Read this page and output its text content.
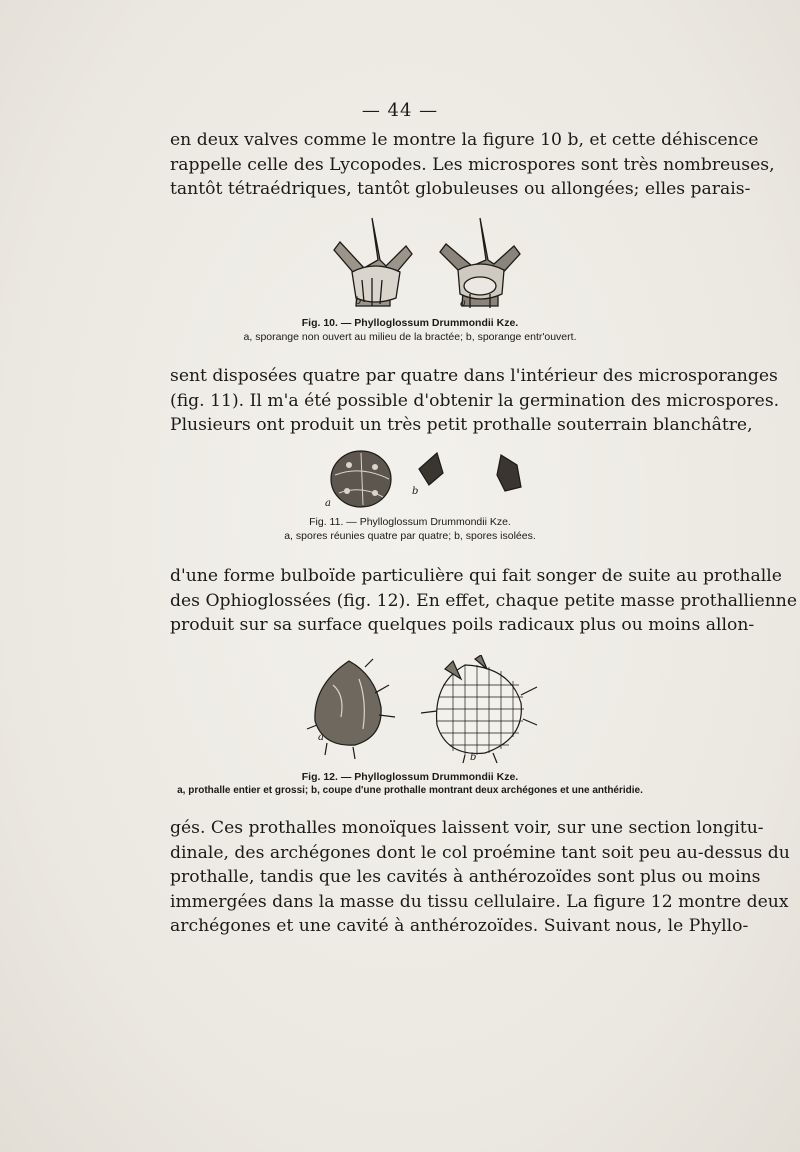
— 44 —

en deux valves comme le montre la figure 10 b, et cette déhiscence
rappelle celle des Lycopodes. Les microspores sont très nombreuses,
tantôt tétraédriques, tantôt globuleuses ou allongées; elles parais-

b	a
Fig. 10. — Phylloglossum Drummondii Kze.
a, sporange non ouvert au milieu de la bractée; b, sporange entr'ouvert.

sent disposées quatre par quatre dans l'intérieur des microsporanges
(fig. 11). Il m'a été possible d'obtenir la germination des microspores.
Plusieurs ont produit un très petit prothalle souterrain blanchâtre,

a
b
Fig. 11. — Phylloglossum Drummondii Kze.
a, spores réunies quatre par quatre; b, spores isolées.

d'une forme bulboïde particulière qui fait songer de suite au prothalle
des Ophioglossées (fig. 12). En effet, chaque petite masse prothallienne
produit sur sa surface quelques poils radicaux plus ou moins allon-

a
b
Fig. 12. — Phylloglossum Drummondii Kze.
a, prothalle entier et grossi; b, coupe d'une prothalle montrant deux archégones et une anthéridie.

gés. Ces prothalles monoïques laissent voir, sur une section longitu-
dinale, des archégones dont le col proémine tant soit peu au-dessus du
prothalle, tandis que les cavités à anthérozoïdes sont plus ou moins
immergées dans la masse du tissu cellulaire. La figure 12 montre deux
archégones et une cavité à anthérozoïdes. Suivant nous, le Phyllo-
